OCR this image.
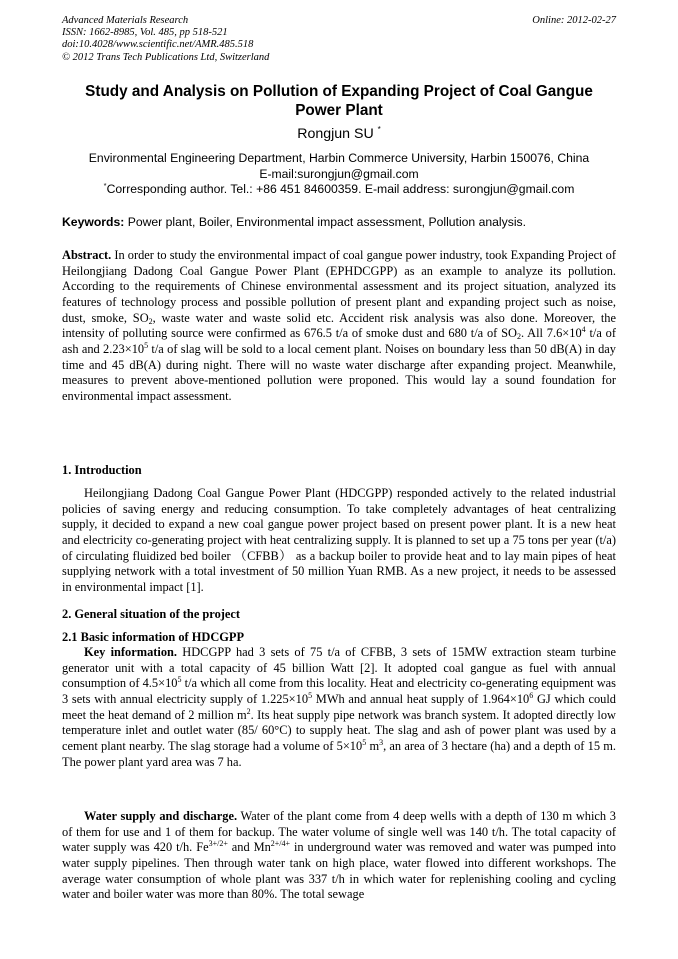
Advanced Materials Research
ISSN: 1662-8985, Vol. 485, pp 518-521
doi:10.4028/www.scientific.net/AMR.485.518
© 2012 Trans Tech Publications Ltd, Switzerland
Online: 2012-02-27
Study and Analysis on Pollution of Expanding Project of Coal Gangue Power Plant
Rongjun SU *
Environmental Engineering Department, Harbin Commerce University, Harbin 150076, China
E-mail:surongjun@gmail.com
*Corresponding author. Tel.: +86 451 84600359. E-mail address: surongjun@gmail.com
Keywords: Power plant, Boiler, Environmental impact assessment, Pollution analysis.
Abstract. In order to study the environmental impact of coal gangue power industry, took Expanding Project of Heilongjiang Dadong Coal Gangue Power Plant (EPHDCGPP) as an example to analyze its pollution. According to the requirements of Chinese environmental assessment and its project situation, analyzed its features of technology process and possible pollution of present plant and expanding project such as noise, dust, smoke, $SO_2$, waste water and waste solid etc. Accident risk analysis was also done. Moreover, the intensity of polluting source were confirmed as 676.5 t/a of smoke dust and 680 t/a of $SO_2$. All $7.6\times 10^4$ t/a of ash and $2.23\times 10^5$ t/a of slag will be sold to a local cement plant. Noises on boundary less than 50 dB(A) in day time and 45 dB(A) during night. There will no waste water discharge after expanding project. Meanwhile, measures to prevent above-mentioned pollution were proponed. This would lay a sound foundation for environmental impact assessment.
1. Introduction
Heilongjiang Dadong Coal Gangue Power Plant (HDCGPP) responded actively to the related industrial policies of saving energy and reducing consumption. To take completely advantages of heat centralizing supply, it decided to expand a new coal gangue power project based on present power plant. It is a new heat and electricity co-generating project with heat centralizing supply. It is planned to set up a 75 tons per year (t/a) of circulating fluidized bed boiler （CFBB） as a backup boiler to provide heat and to lay main pipes of heat supplying network with a total investment of 50 million Yuan RMB. As a new project, it needs to be assessed in environmental impact [1].
2. General situation of the project
2.1 Basic information of HDCGPP
Key information. HDCGPP had 3 sets of 75 t/a of CFBB, 3 sets of 15MW extraction steam turbine generator unit with a total capacity of 45 billion Watt [2]. It adopted coal gangue as fuel with annual consumption of $4.5\times 10^5$ t/a which all come from this locality. Heat and electricity co-generating equipment was 3 sets with annual electricity supply of $1.225\times 10^5$ MWh and annual heat supply of $1.964\times 10^6$ GJ which could meet the heat demand of 2 million $m^2$. Its heat supply pipe network was branch system. It adopted directly low temperature inlet and outlet water (85/ 60°C) to supply heat. The slag and ash of power plant was used by a cement plant nearby. The slag storage had a volume of $5\times 10^5$ $m^3$, an area of 3 hectare (ha) and a depth of 15 m. The power plant yard area was 7 ha.
Water supply and discharge. Water of the plant come from 4 deep wells with a depth of 130 m which 3 of them for use and 1 of them for backup. The water volume of single well was 140 t/h. The total capacity of water supply was 420 t/h. $Fe^{3+/2+}$ and $Mn^{2+/4+}$ in underground water was removed and water was pumped into water supply pipelines. Then through water tank on high place, water flowed into different workshops. The average water consumption of whole plant was 337 t/h in which water for replenishing cooling and cycling water and boiler water was more than 80%. The total sewage
